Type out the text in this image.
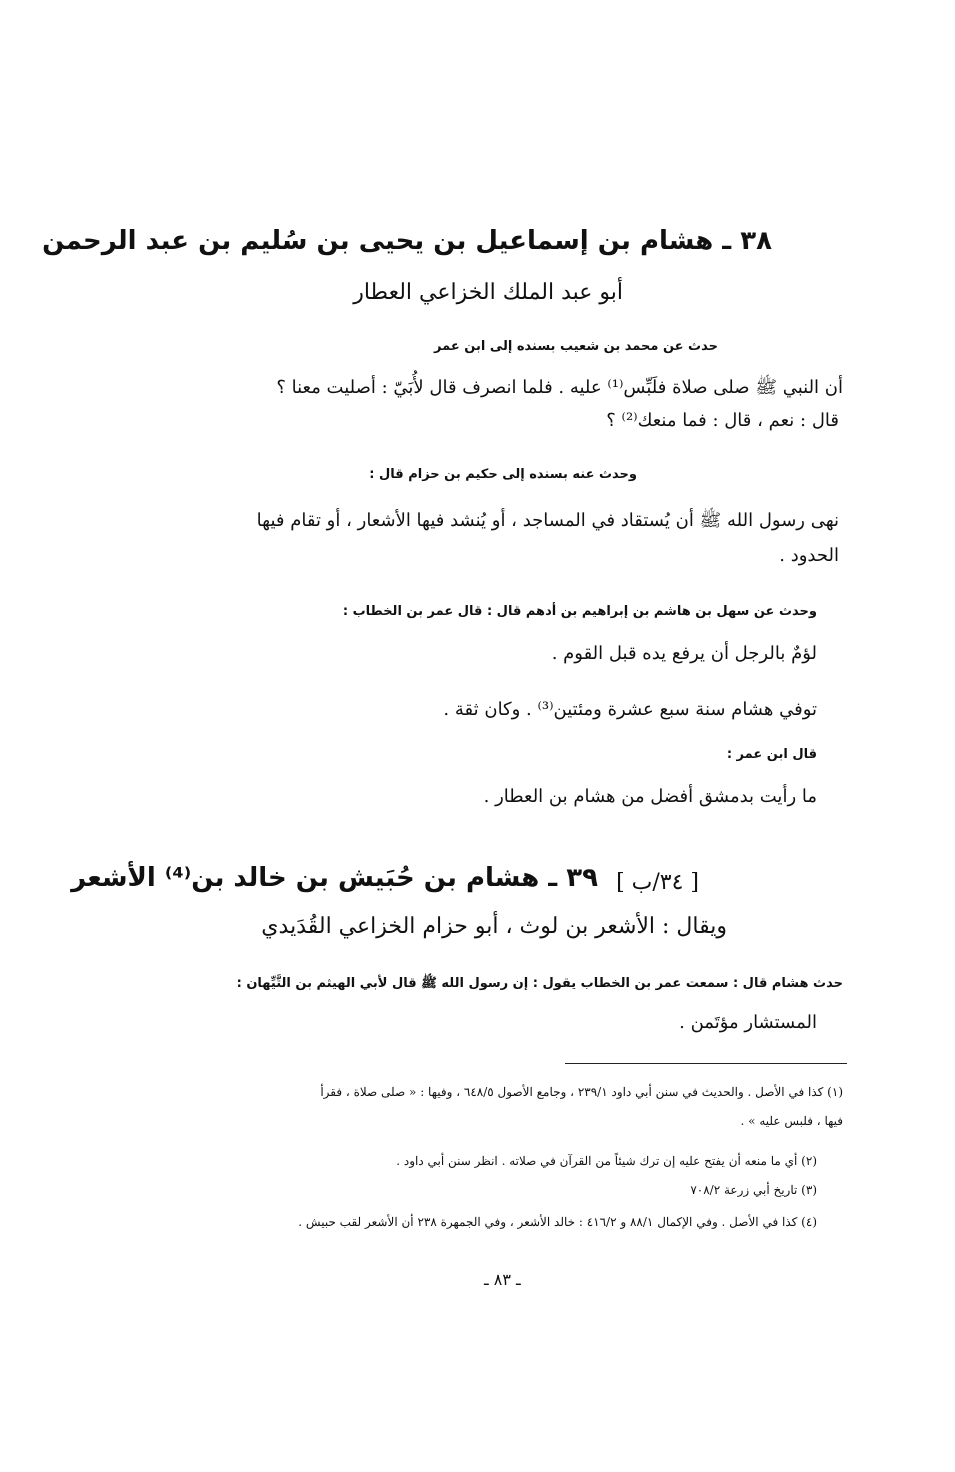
٣٨ ـ هشام بن إسماعيل بن يحيى بن سُليم بن عبد الرحمن
أبو عبد الملك الخزاعي العطار
حدث عن محمد بن شعيب بسنده إلى ابن عمر
أن النبي ﷺ صلى صلاة فلَبِّس⁽¹⁾ عليه . فلما انصرف قال لأُبَيّ : أصليت معنا ؟
قال : نعم ، قال : فما منعك⁽²⁾ ؟
وحدث عنه بسنده إلى حكيم بن حزام قال :
نهى رسول الله ﷺ أن يُستقاد في المساجد ، أو يُنشد فيها الأشعار ، أو تقام فيها
الحدود .
وحدث عن سهل بن هاشم بن إبراهيم بن أدهم قال : قال عمر بن الخطاب :
لؤمٌ بالرجل أن يرفع يده قبل القوم .
توفي هشام سنة سبع عشرة ومئتين⁽³⁾ . وكان ثقة .
قال ابن عمر :
ما رأيت بدمشق أفضل من هشام بن العطار .
٣٩ ـ هشام بن حُبَيش بن خالد بن⁽⁴⁾ الأشعر [ ٣٤/ب ]
ويقال : الأشعر بن لوث ، أبو حزام الخزاعي القُدَيدي
حدث هشام قال : سمعت عمر بن الخطاب يقول : إن رسول الله ﷺ قال لأبي الهيثم بن التَّيِّهان :
المستشار مؤتَمن .
(١) كذا في الأصل . والحديث في سنن أبي داود ٢٣٩/١ ، وجامع الأصول ٦٤٨/٥ ، وفيها : « صلى صلاة ، فقرأ
فيها ، فلبس عليه » .
(٢) أي ما منعه أن يفتح عليه إن ترك شيئاً من القرآن في صلاته . انظر سنن أبي داود .
(٣) تاريخ أبي زرعة ٧٠٨/٢
(٤) كذا في الأصل . وفي الإكمال ٨٨/١ و ٤١٦/٢ : خالد الأشعر ، وفي الجمهرة ٢٣٨ أن الأشعر لقب حبيش .
ـ ٨٣ ـ
